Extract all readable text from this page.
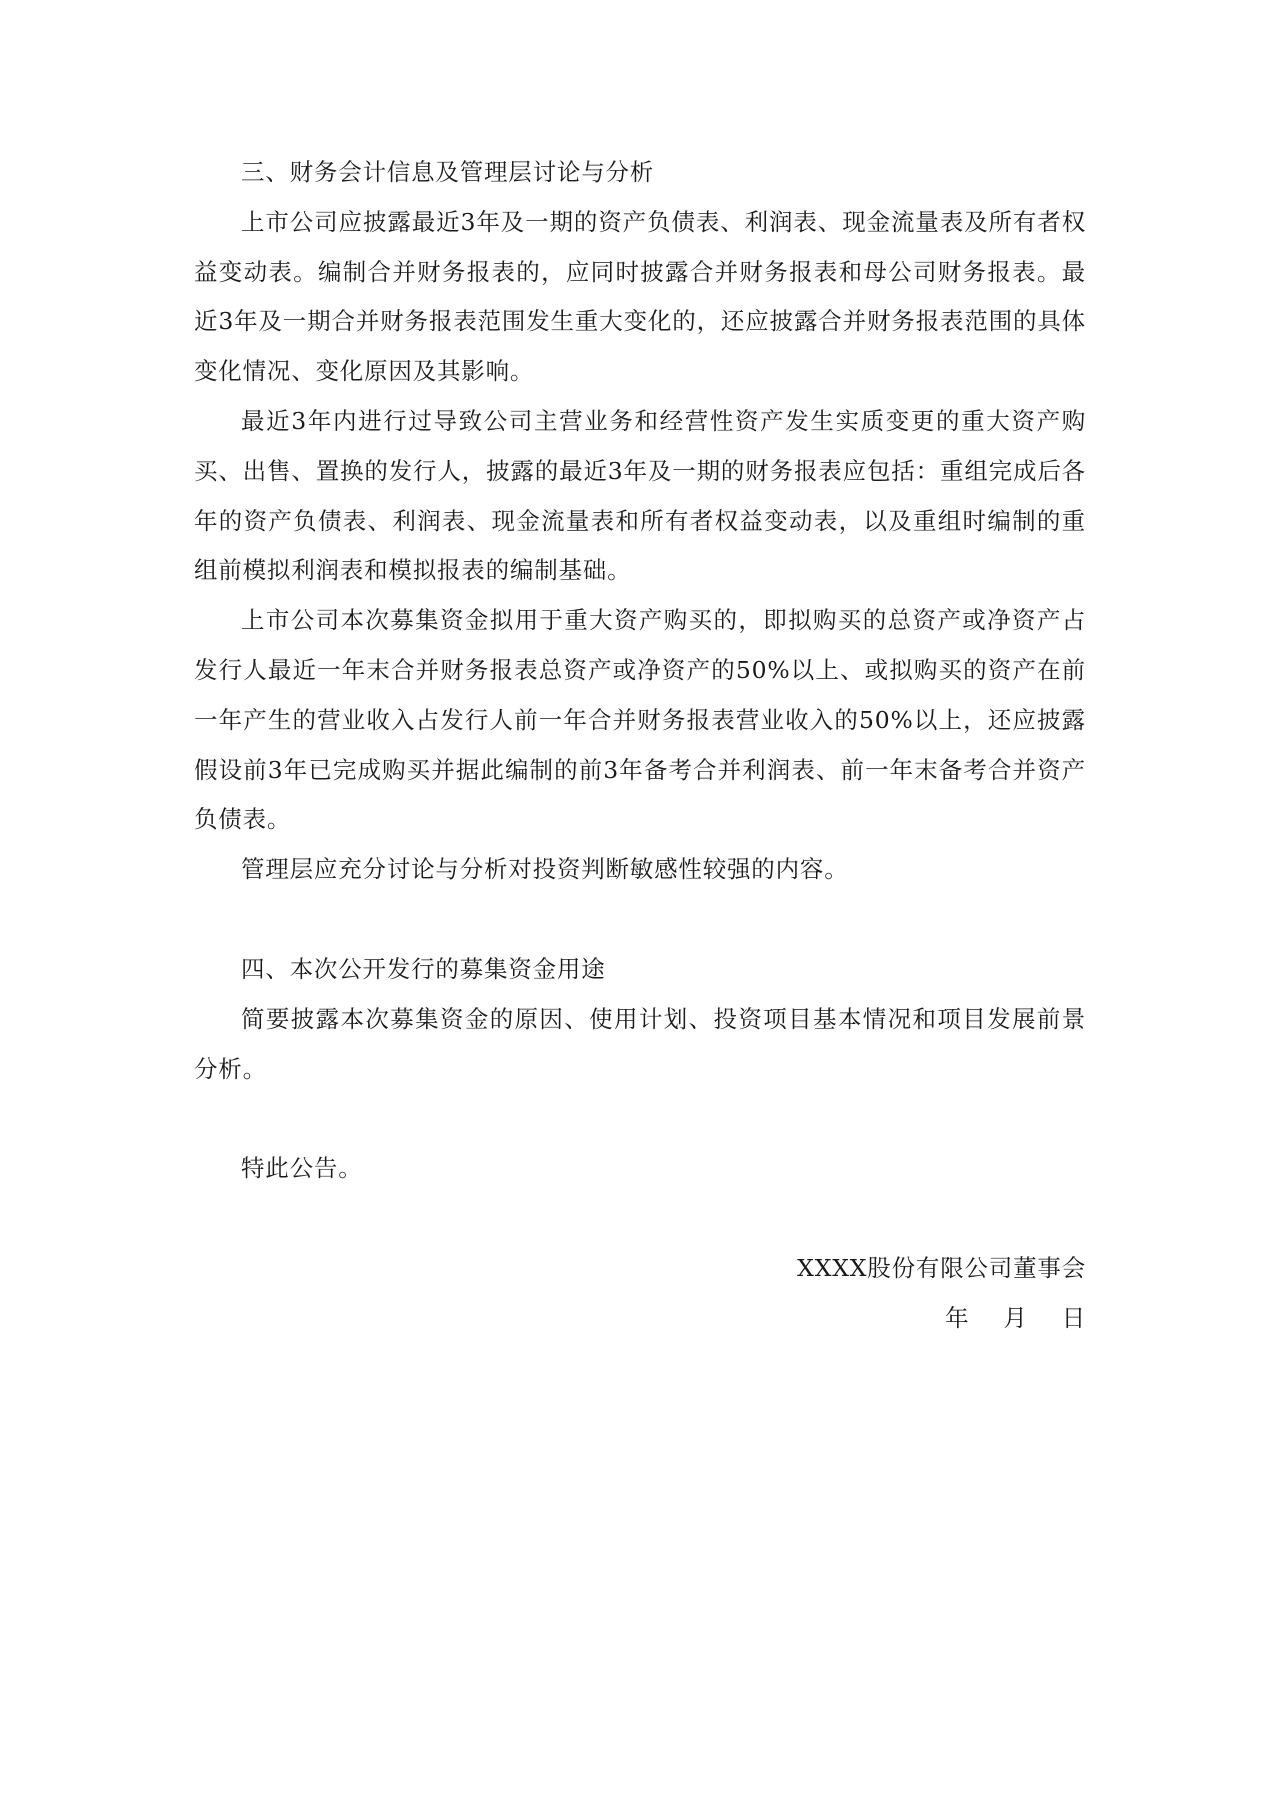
三、财务会计信息及管理层讨论与分析

上市公司应披露最近3年及一期的资产负债表、利润表、现金流量表及所有者权益变动表。编制合并财务报表的，应同时披露合并财务报表和母公司财务报表。最近3年及一期合并财务报表范围发生重大变化的，还应披露合并财务报表范围的具体变化情况、变化原因及其影响。

最近3年内进行过导致公司主营业务和经营性资产发生实质变更的重大资产购买、出售、置换的发行人，披露的最近3年及一期的财务报表应包括：重组完成后各年的资产负债表、利润表、现金流量表和所有者权益变动表，以及重组时编制的重组前模拟利润表和模拟报表的编制基础。

上市公司本次募集资金拟用于重大资产购买的，即拟购买的总资产或净资产占发行人最近一年末合并财务报表总资产或净资产的50%以上、或拟购买的资产在前一年产生的营业收入占发行人前一年合并财务报表营业收入的50%以上，还应披露假设前3年已完成购买并据此编制的前3年备考合并利润表、前一年末备考合并资产负债表。

管理层应充分讨论与分析对投资判断敏感性较强的内容。

四、本次公开发行的募集资金用途

简要披露本次募集资金的原因、使用计划、投资项目基本情况和项目发展前景分析。

特此公告。

XXXX股份有限公司董事会

年 月 日
